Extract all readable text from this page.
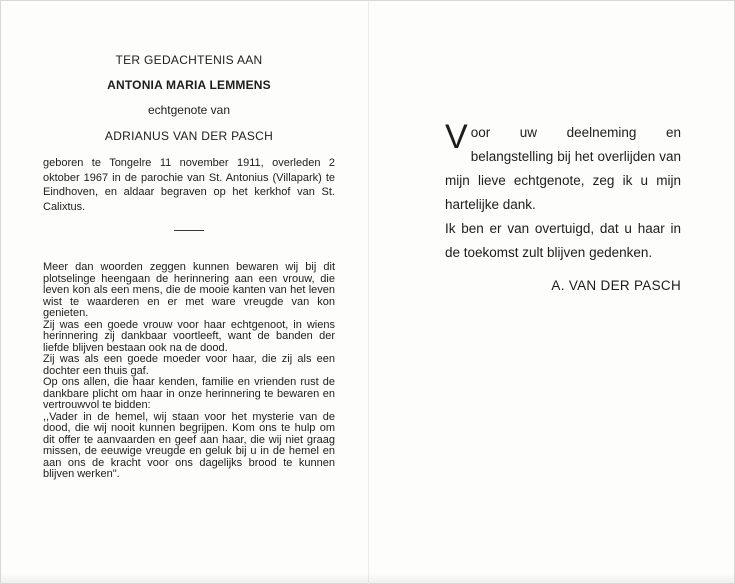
TER GEDACHTENIS AAN
ANTONIA MARIA LEMMENS
echtgenote van
ADRIANUS VAN DER PASCH

geboren te Tongelre 11 november 1911, overleden 2 oktober 1967 in de parochie van St. Antonius (Villapark) te Eindhoven, en aldaar begraven op het kerkhof van St. Calixtus.

Meer dan woorden zeggen kunnen bewaren wij bij dit plotselinge heengaan de herinnering aan een vrouw, die leven kon als een mens, die de mooie kanten van het leven wist te waarderen en er met ware vreugde van kon genieten.
Zij was een goede vrouw voor haar echtgenoot, in wiens herinnering zij dankbaar voortleeft, want de banden der liefde blijven bestaan ook na de dood.
Zij was als een goede moeder voor haar, die zij als een dochter een thuis gaf.
Op ons allen, die haar kenden, familie en vrienden rust de dankbare plicht om haar in onze herinnering te bewaren en vertrouwvol te bidden:
,,Vader in de hemel, wij staan voor het mysterie van de dood, die wij nooit kunnen begrijpen. Kom ons te hulp om dit offer te aanvaarden en geef aan haar, die wij niet graag missen, de eeuwige vreugde en geluk bij u in de hemel en aan ons de kracht voor ons dagelijks brood te kunnen blijven werken".

Voor uw deelneming en belangstelling bij het overlijden van mijn lieve echtgenote, zeg ik u mijn hartelijke dank.

Ik ben er van overtuigd, dat u haar in de toekomst zult blijven gedenken.

A. VAN DER PASCH
